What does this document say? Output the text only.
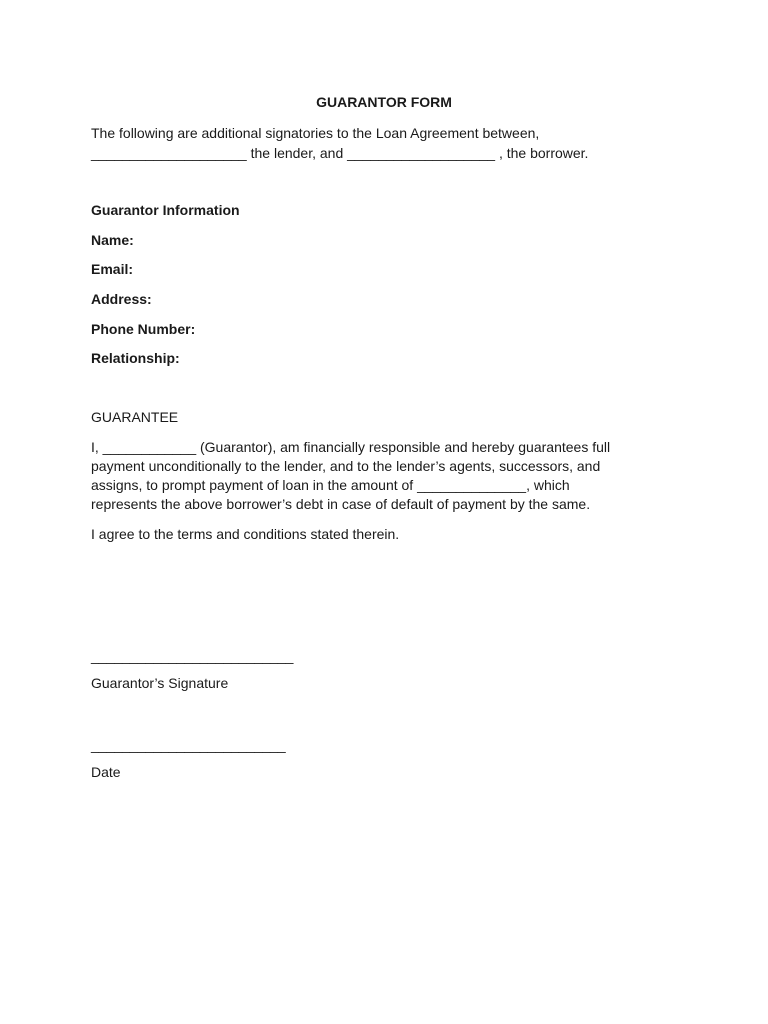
GUARANTOR FORM
The following are additional signatories to the Loan Agreement between,
____________________ the lender, and ___________________ , the borrower.
Guarantor Information
Name:
Email:
Address:
Phone Number:
Relationship:
GUARANTEE
I, ____________ (Guarantor), am financially responsible and hereby guarantees full
payment unconditionally to the lender, and to the lender’s agents, successors, and
assigns, to prompt payment of loan in the amount of ______________, which
represents the above borrower’s debt in case of default of payment by the same.
I agree to the terms and conditions stated therein.
__________________________
Guarantor’s Signature
_________________________
Date
